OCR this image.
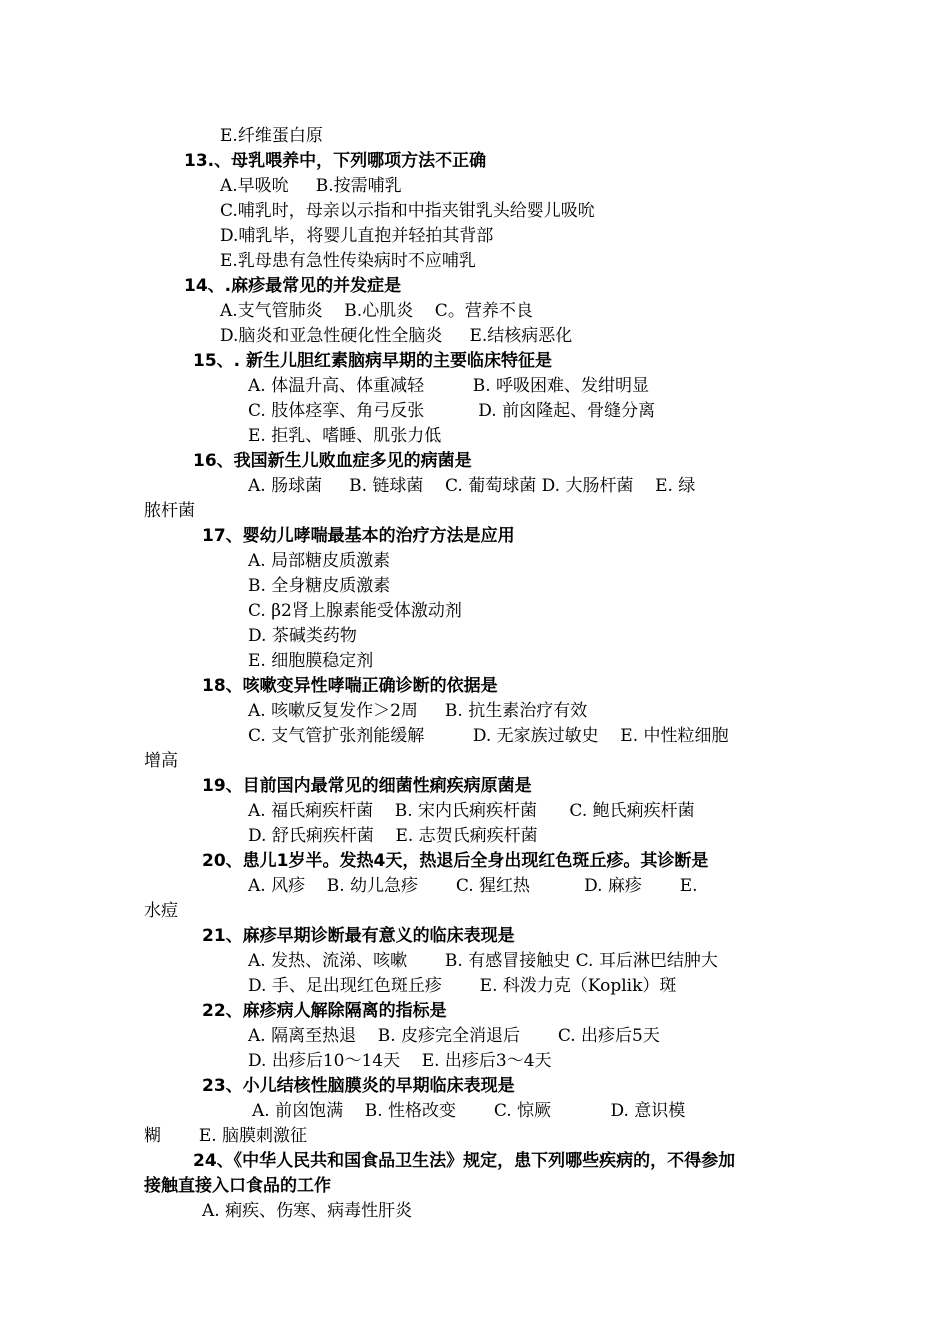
E.纤维蛋白原
13.、母乳喂养中，下列哪项方法不正确
A.早吸吮     B.按需哺乳
C.哺乳时，母亲以示指和中指夹钳乳头给婴儿吸吮
D.哺乳毕，将婴儿直抱并轻拍其背部
E.乳母患有急性传染病时不应哺乳
14、.麻疹最常见的并发症是
A.支气管肺炎    B.心肌炎    C。营养不良
D.脑炎和亚急性硬化性全脑炎     E.结核病恶化
15、. 新生儿胆红素脑病早期的主要临床特征是
A. 体温升高、体重减轻         B. 呼吸困难、发绀明显
C. 肢体痉挛、角弓反张          D. 前囟隆起、骨缝分离
E. 拒乳、嗜睡、肌张力低
16、我国新生儿败血症多见的病菌是
A. 肠球菌     B. 链球菌    C. 葡萄球菌 D. 大肠杆菌    E. 绿
脓杆菌
17、婴幼儿哮喘最基本的治疗方法是应用
A. 局部糖皮质激素
B. 全身糖皮质激素
C. β2肾上腺素能受体激动剂
D. 茶碱类药物
E. 细胞膜稳定剂
18、咳嗽变异性哮喘正确诊断的依据是
A. 咳嗽反复发作＞2周     B. 抗生素治疗有效
C. 支气管扩张剂能缓解         D. 无家族过敏史    E. 中性粒细胞
增高
19、目前国内最常见的细菌性痢疾病原菌是
A. 福氏痢疾杆菌    B. 宋内氏痢疾杆菌      C. 鲍氏痢疾杆菌
D. 舒氏痢疾杆菌    E. 志贺氏痢疾杆菌
20、患儿1岁半。发热4天，热退后全身出现红色斑丘疹。其诊断是
A. 风疹    B. 幼儿急疹       C. 猩红热          D. 麻疹       E.
水痘
21、麻疹早期诊断最有意义的临床表现是
A. 发热、流涕、咳嗽       B. 有感冒接触史 C. 耳后淋巴结肿大
D. 手、足出现红色斑丘疹       E. 科泼力克（Koplik）斑
22、麻疹病人解除隔离的指标是
A. 隔离至热退    B. 皮疹完全消退后       C. 出疹后5天
D. 出疹后10～14天    E. 出疹后3～4天
23、小儿结核性脑膜炎的早期临床表现是
A. 前囟饱满    B. 性格改变       C. 惊厥           D. 意识模
糊       E. 脑膜刺激征
24、《中华人民共和国食品卫生法》规定，患下列哪些疾病的，不得参加
接触直接入口食品的工作
A. 痢疾、伤寒、病毒性肝炎
